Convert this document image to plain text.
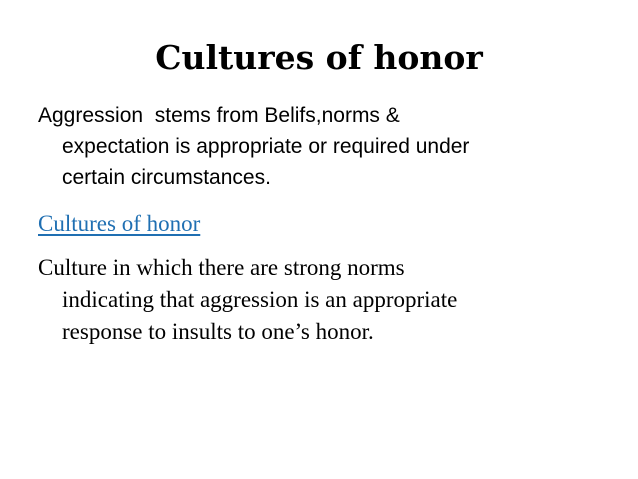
Cultures of honor
Aggression  stems from Belifs,norms &
expectation is appropriate or required under
certain circumstances.
Cultures of honor
Culture in which there are strong norms
indicating that aggression is an appropriate
response to insults to one’s honor.
